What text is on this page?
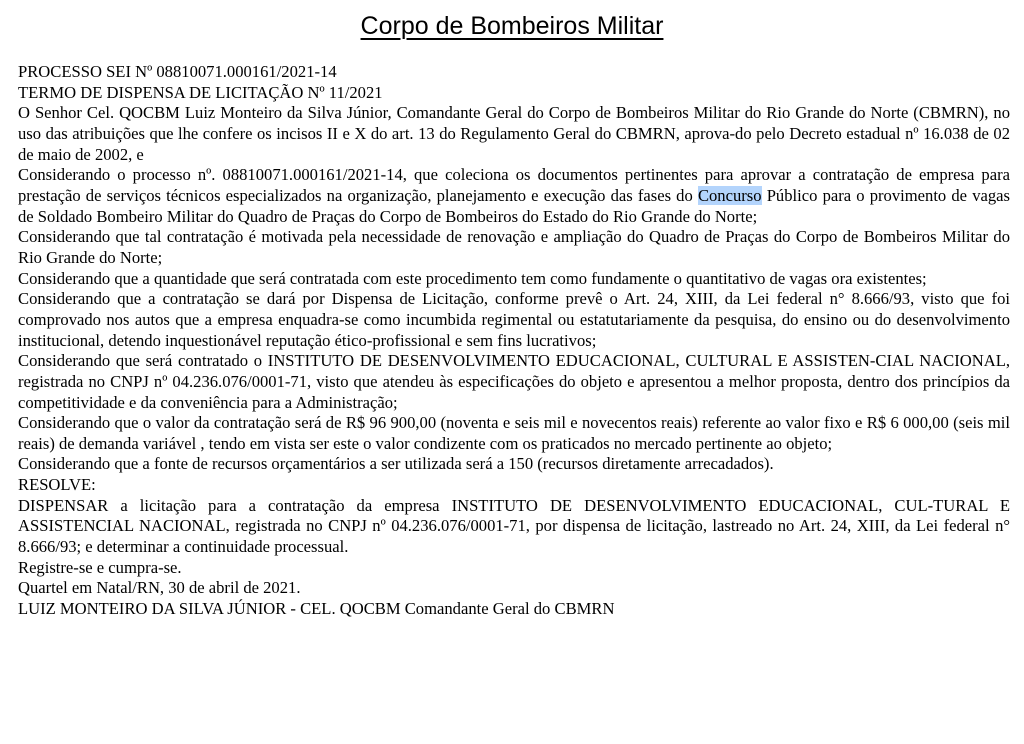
Corpo de Bombeiros Militar

PROCESSO SEI Nº 08810071.000161/2021-14

TERMO DE DISPENSA DE LICITAÇÃO Nº 11/2021

O Senhor Cel. QOCBM Luiz Monteiro da Silva Júnior, Comandante Geral do Corpo de Bombeiros Militar do Rio Grande do Norte (CBMRN), no uso das atribuições que lhe confere os incisos II e X do art. 13 do Regulamento Geral do CBMRN, aprova-do pelo Decreto estadual nº 16.038 de 02 de maio de 2002, e

Considerando o processo nº. 08810071.000161/2021-14, que coleciona os documentos pertinentes para aprovar a contratação de empresa para prestação de serviços técnicos especializados na organização, planejamento e execução das fases do Concurso Público para o provimento de vagas de Soldado Bombeiro Militar do Quadro de Praças do Corpo de Bombeiros do Estado do Rio Grande do Norte;

Considerando que tal contratação é motivada pela necessidade de renovação e ampliação do Quadro de Praças do Corpo de Bombeiros Militar do Rio Grande do Norte;

Considerando que a quantidade que será contratada com este procedimento tem como fundamente o quantitativo de vagas ora existentes;

Considerando que a contratação se dará por Dispensa de Licitação, conforme prevê o Art. 24, XIII, da Lei federal n° 8.666/93, visto que foi comprovado nos autos que a empresa enquadra-se como incumbida regimental ou estatutariamente da pesquisa, do ensino ou do desenvolvimento institucional, detendo inquestionável reputação ético-profissional e sem fins lucrativos;

Considerando que será contratado o INSTITUTO DE DESENVOLVIMENTO EDUCACIONAL, CULTURAL E ASSISTEN-CIAL NACIONAL, registrada no CNPJ nº 04.236.076/0001-71, visto que atendeu às especificações do objeto e apresentou a melhor proposta, dentro dos princípios da competitividade e da conveniência para a Administração;

Considerando que o valor da contratação será de R$ 96 900,00 (noventa e seis mil e novecentos reais) referente ao valor fixo e R$ 6 000,00 (seis mil reais) de demanda variável , tendo em vista ser este o valor condizente com os praticados no mercado pertinente ao objeto;

Considerando que a fonte de recursos orçamentários a ser utilizada será a 150 (recursos diretamente arrecadados).

RESOLVE:

DISPENSAR a licitação para a contratação da empresa INSTITUTO DE DESENVOLVIMENTO EDUCACIONAL, CUL-TURAL E ASSISTENCIAL NACIONAL, registrada no CNPJ nº 04.236.076/0001-71, por dispensa de licitação, lastreado no Art. 24, XIII, da Lei federal n° 8.666/93; e determinar a continuidade processual.

Registre-se e cumpra-se.

Quartel em Natal/RN, 30 de abril de 2021.

LUIZ MONTEIRO DA SILVA JÚNIOR - CEL. QOCBM Comandante Geral do CBMRN
